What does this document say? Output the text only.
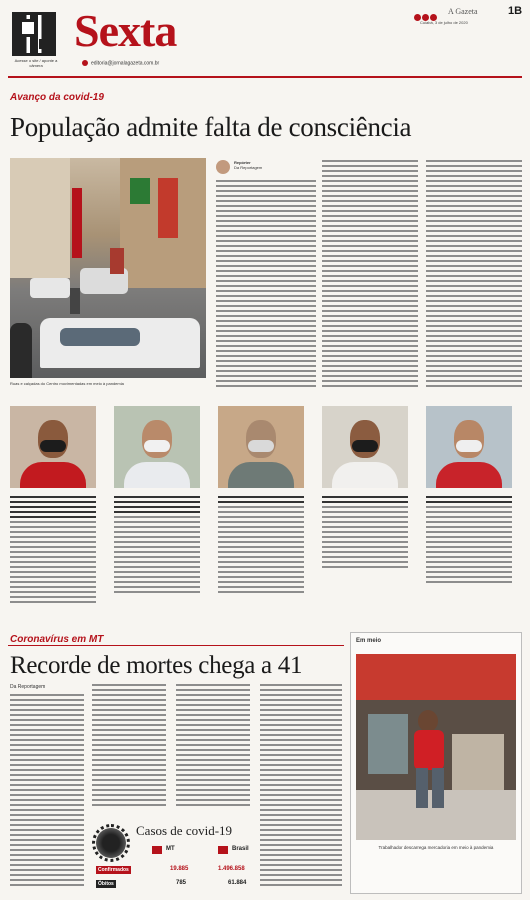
Acesse o site / aponte a câmera
Sexta
editoria@jornalagazeta.com.br
A Gazeta	1B
Cuiabá, 3 de julho de 2020
Avanço da covid-19
População admite falta de consciência
Ruas e calçadas do Centro movimentadas em meio à pandemia
Repórter
Da Reportagem
Coronavírus em MT
Recorde de mortes chega a 41
Da Reportagem
Casos de covid-19
MT	Brasil
Confirmados	19.885	1.496.858
Óbitos	785	61.884
Em meio
Trabalhador descarrega mercadoria em meio à pandemia
